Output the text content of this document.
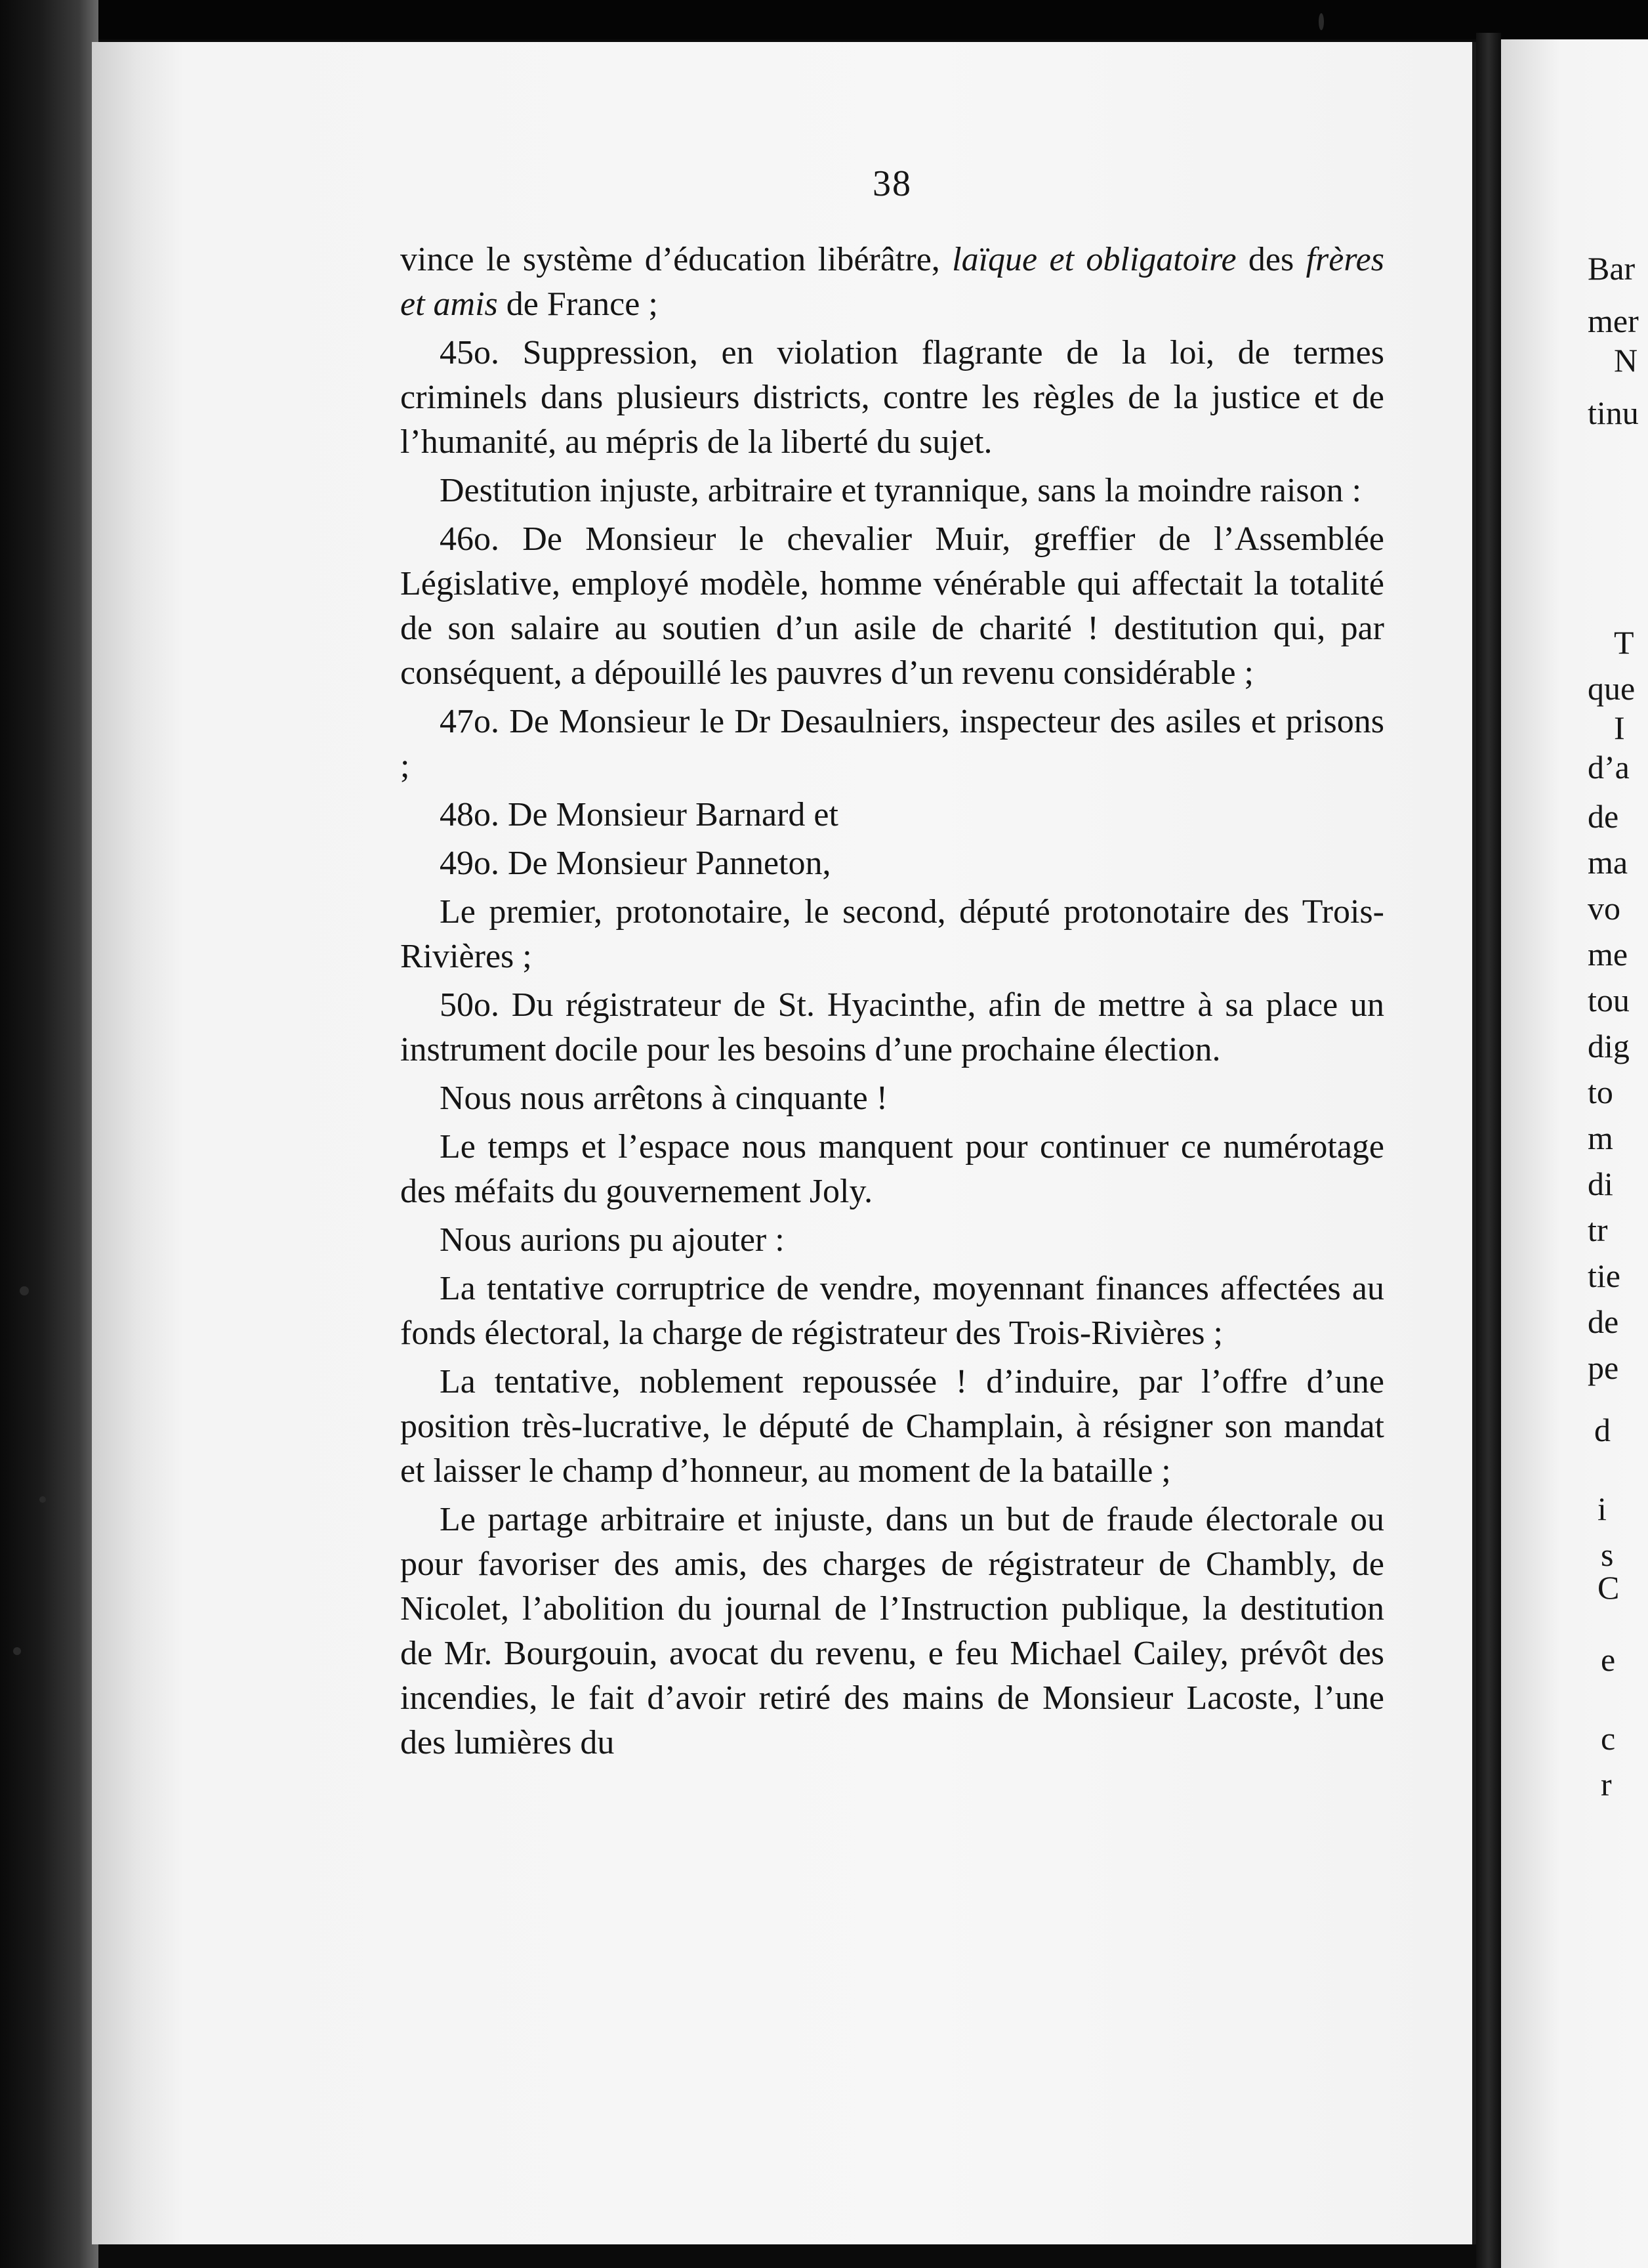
38

vince le système d’éducation libérâtre, laïque et obligatoire des frères et amis de France ;

45o. Suppression, en violation flagrante de la loi, de termes criminels dans plusieurs districts, contre les règles de la justice et de l’humanité, au mépris de la liberté du sujet.

Destitution injuste, arbitraire et tyrannique, sans la moindre raison :

46o. De Monsieur le chevalier Muir, greffier de l’Assemblée Législative, employé modèle, homme vénérable qui affectait la totalité de son salaire au soutien d’un asile de charité ! destitution qui, par conséquent, a dépouillé les pauvres d’un revenu considérable ;

47o. De Monsieur le Dr Desaulniers, inspecteur des asiles et prisons ;

48o. De Monsieur Barnard et

49o. De Monsieur Panneton,

Le premier, protonotaire, le second, député protonotaire des Trois-Rivières ;

50o. Du régistrateur de St. Hyacinthe, afin de mettre à sa place un instrument docile pour les besoins d’une prochaine élection.

Nous nous arrêtons à cinquante !

Le temps et l’espace nous manquent pour continuer ce numérotage des méfaits du gouvernement Joly.

Nous aurions pu ajouter :

La tentative corruptrice de vendre, moyennant finances affectées au fonds électoral, la charge de régistrateur des Trois-Rivières ;

La tentative, noblement repoussée ! d’induire, par l’offre d’une position très-lucrative, le député de Champlain, à résigner son mandat et laisser le champ d’honneur, au moment de la bataille ;

Le partage arbitraire et injuste, dans un but de fraude électorale ou pour favoriser des amis, des charges de régistrateur de Chambly, de Nicolet, l’abolition du journal de l’Instruction publique, la destitution de Mr. Bourgouin, avocat du revenu, e feu Michael Cailey, prévôt des incendies, le fait d’avoir retiré des mains de Monsieur Lacoste, l’une des lumières du

Bar
mer
N
tinu
T
que
I
d’a
de
ma
vo
me
tou
dig
to
m
di
tr
tie
de
pe
d
i
s
C
e
c
r
